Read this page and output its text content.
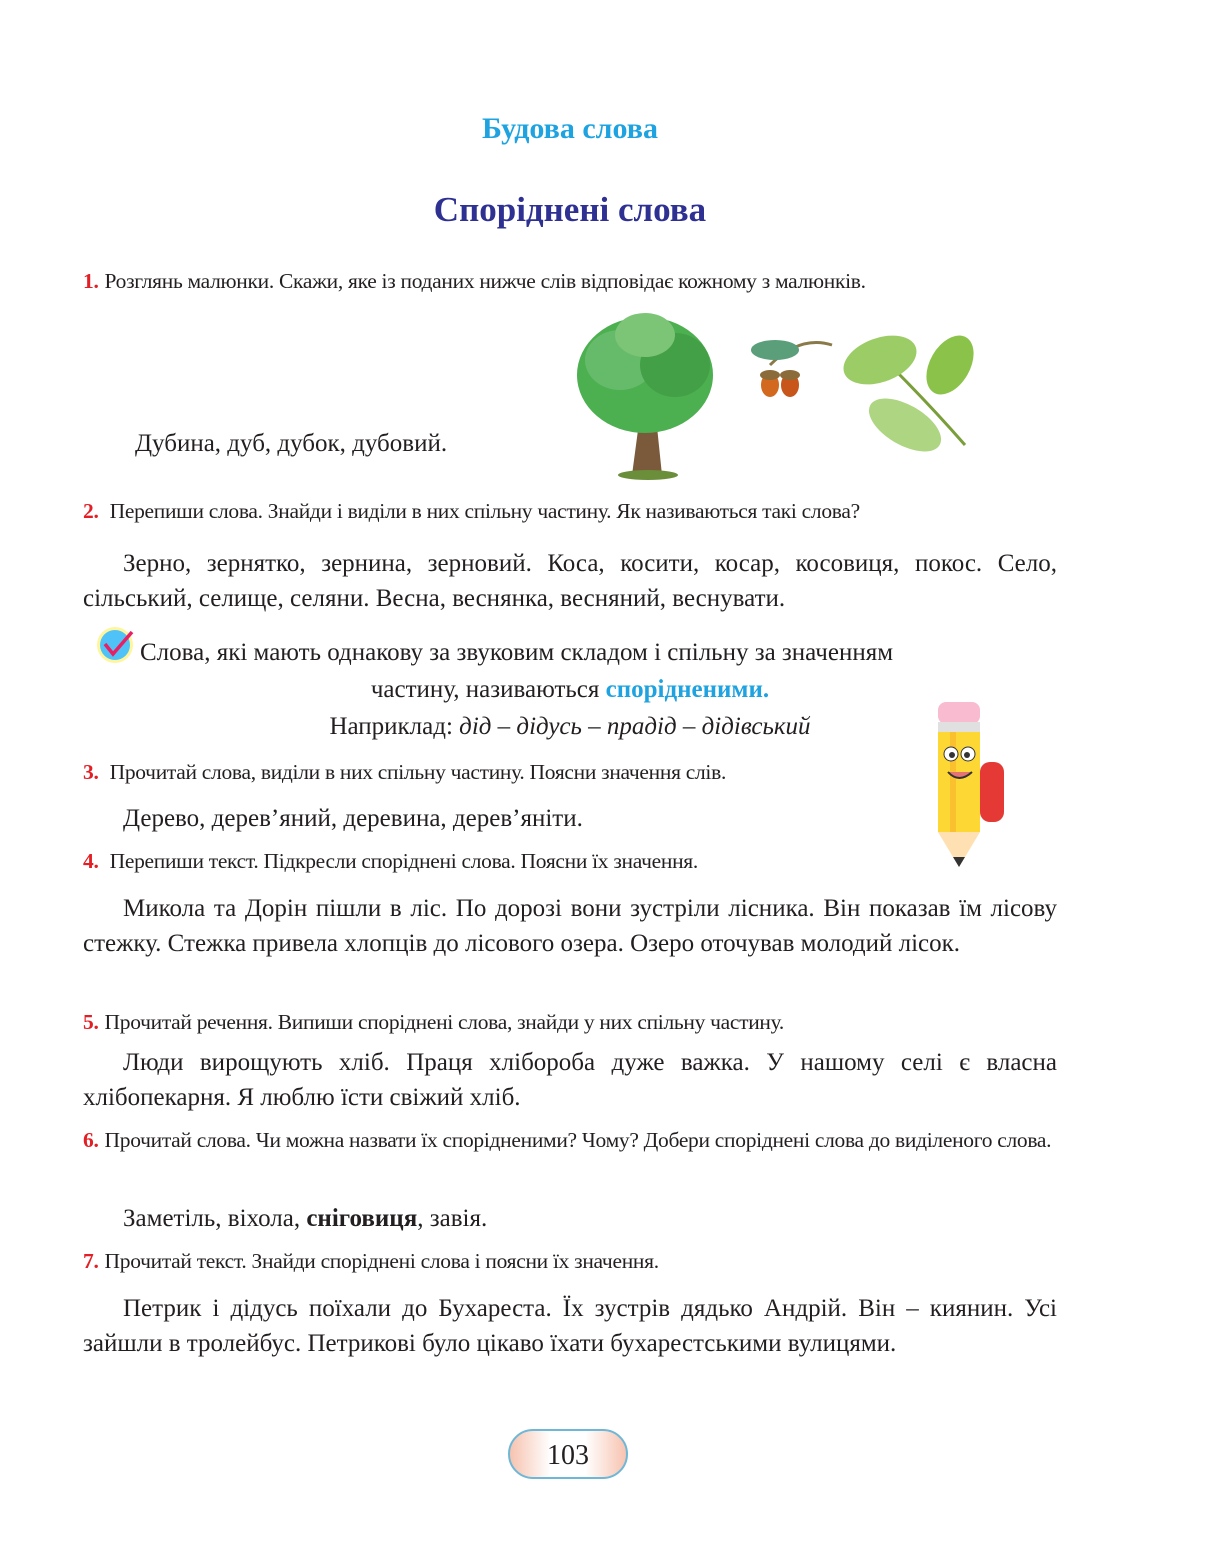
Будова слова
Споріднені слова
1. Розглянь малюнки. Скажи, яке із поданих нижче слів відповідає кожному з малюнків.
Дубина, дуб, дубок, дубовий.
2. Перепиши слова. Знайди і виділи в них спільну частину. Як називаються такі слова?
Зерно, зернятко, зернина, зерновий. Коса, косити, косар, косовиця, покос. Село, сільський, селище, селяни. Весна, веснянка, весняний, веснувати.
Слова, які мають однакову за звуковим складом і спільну за значенням
частину, називаються спорідненими.
Наприклад: дід – дідусь – прадід – дідівський
3. Прочитай слова, виділи в них спільну частину. Поясни значення слів.
Дерево, дерев’яний, деревина, дерев’яніти.
4. Перепиши текст. Підкресли споріднені слова. Поясни їх значення.
Микола та Дорін пішли в ліс. По дорозі вони зустріли лісника. Він показав їм лісову стежку. Стежка привела хлопців до лісового озера. Озеро оточував молодий лісок.
5. Прочитай речення. Випиши споріднені слова, знайди у них спільну частину.
Люди вирощують хліб. Праця хлібороба дуже важка. У нашому селі є власна хлібопекарня. Я люблю їсти свіжий хліб.
6. Прочитай слова. Чи можна назвати їх спорідненими? Чому? Добери споріднені слова до виділеного слова.
Заметіль, віхола, сніговиця, завія.
7. Прочитай текст. Знайди споріднені слова і поясни їх значення.
Петрик і дідусь поїхали до Бухареста. Їх зустрів дядько Андрій. Він – киянин. Усі зайшли в тролейбус. Петрикові було цікаво їхати бухарестськими вулицями.
103
